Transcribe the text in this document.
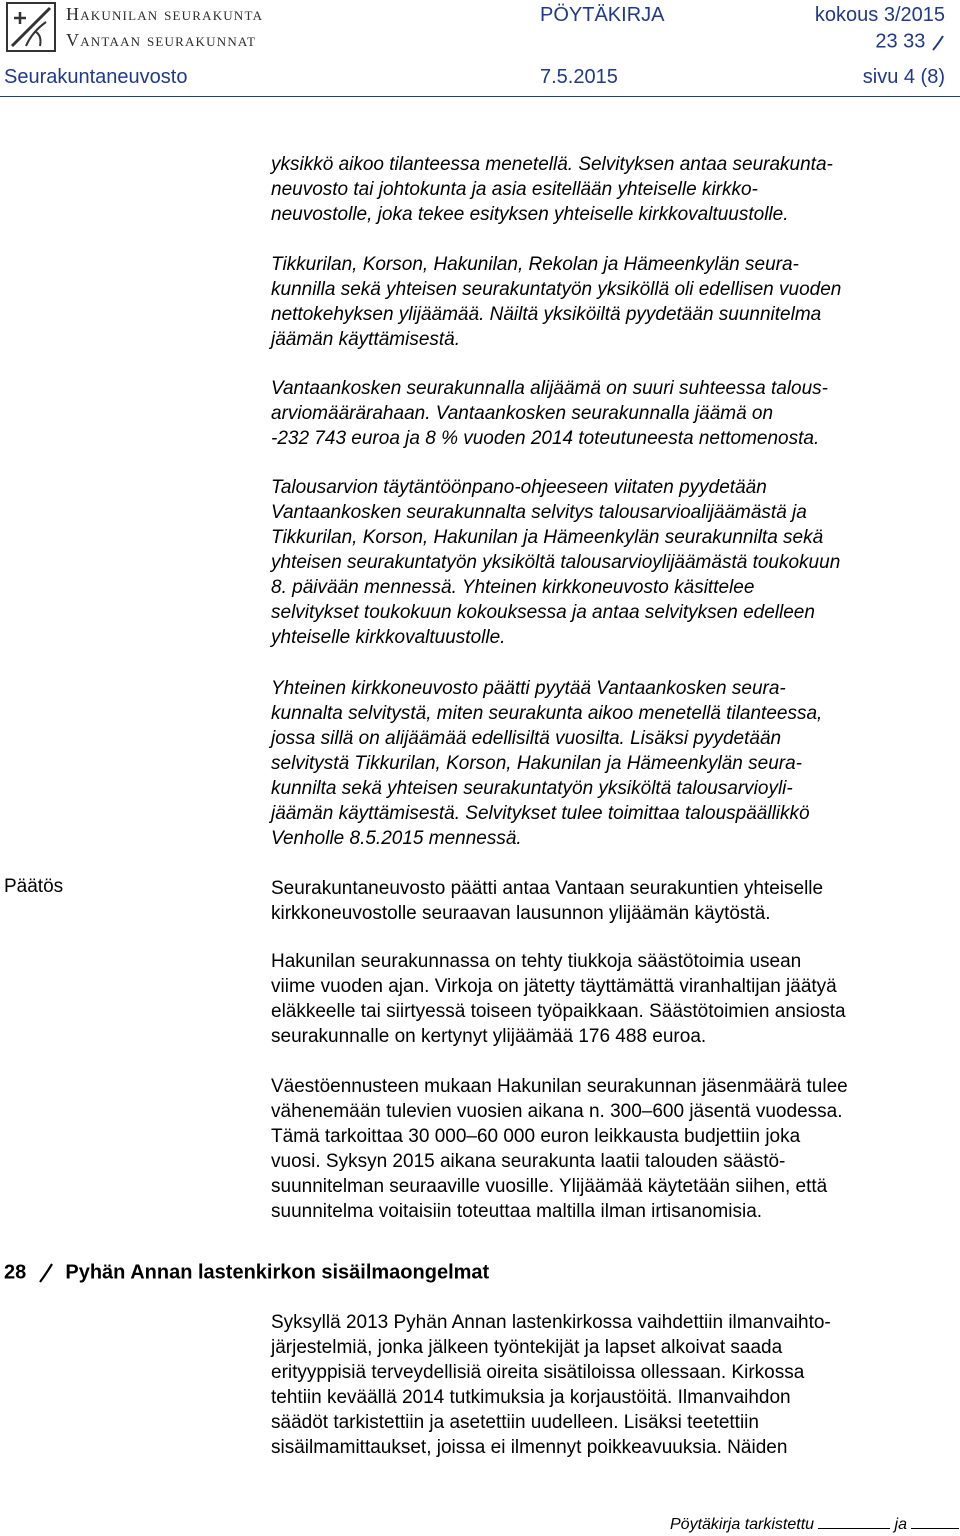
Hakunilan seurakunta
Vantaan seurakunnat
PÖYTÄKIRJA	kokous 3/2015
23 33
Seurakuntaneuvosto	7.5.2015	sivu 4 (8)

yksikkö aikoo tilanteessa menetellä. Selvityksen antaa seurakunta-

neuvosto tai johtokunta ja asia esitellään yhteiselle kirkko-

neuvostolle, joka tekee esityksen yhteiselle kirkkovaltuustolle.

Tikkurilan, Korson, Hakunilan, Rekolan ja Hämeenkylän seura-

kunnilla sekä yhteisen seurakuntatyön yksiköllä oli edellisen vuoden

nettokehyksen ylijäämää. Näiltä yksiköiltä pyydetään suunnitelma

jäämän käyttämisestä.

Vantaankosken seurakunnalla alijäämä on suuri suhteessa talous-

arviomäärärahaan. Vantaankosken seurakunnalla jäämä on

-232 743 euroa ja 8 % vuoden 2014 toteutuneesta nettomenosta.

Talousarvion täytäntöönpano-ohjeeseen viitaten pyydetään

Vantaankosken seurakunnalta selvitys talousarvioalijäämästä ja

Tikkurilan, Korson, Hakunilan ja Hämeenkylän seurakunnilta sekä

yhteisen seurakuntatyön yksiköltä talousarvioylijäämästä toukokuun

8. päivään mennessä. Yhteinen kirkkoneuvosto käsittelee

selvitykset toukokuun kokouksessa ja antaa selvityksen edelleen

yhteiselle kirkkovaltuustolle.

Yhteinen kirkkoneuvosto päätti pyytää Vantaankosken seura-

kunnalta selvitystä, miten seurakunta aikoo menetellä tilanteessa,

jossa sillä on alijäämää edellisiltä vuosilta. Lisäksi pyydetään

selvitystä Tikkurilan, Korson, Hakunilan ja Hämeenkylän seura-

kunnilta sekä yhteisen seurakuntatyön yksiköltä talousarvioyli-

jäämän käyttämisestä. Selvitykset tulee toimittaa talouspäällikkö

Venholle 8.5.2015 mennessä.

Päätös	Seurakuntaneuvosto päätti antaa Vantaan seurakuntien yhteiselle

kirkkoneuvostolle seuraavan lausunnon ylijäämän käytöstä.

Hakunilan seurakunnassa on tehty tiukkoja säästötoimia usean

viime vuoden ajan. Virkoja on jätetty täyttämättä viranhaltijan jäätyä

eläkkeelle tai siirtyessä toiseen työpaikkaan. Säästötoimien ansiosta

seurakunnalle on kertynyt ylijäämää 176 488 euroa.

Väestöennusteen mukaan Hakunilan seurakunnan jäsenmäärä tulee

vähenemään tulevien vuosien aikana n. 300–600 jäsentä vuodessa.

Tämä tarkoittaa 30 000–60 000 euron leikkausta budjettiin joka

vuosi. Syksyn 2015 aikana seurakunta laatii talouden säästö-

suunnitelman seuraaville vuosille. Ylijäämää käytetään siihen, että

suunnitelma voitaisiin toteuttaa maltilla ilman irtisanomisia.

28 Pyhän Annan lastenkirkon sisäilmaongelmat

Syksyllä 2013 Pyhän Annan lastenkirkossa vaihdettiin ilmanvaihto-

järjestelmiä, jonka jälkeen työntekijät ja lapset alkoivat saada

erityyppisiä terveydellisiä oireita sisätiloissa ollessaan. Kirkossa

tehtiin keväällä 2014 tutkimuksia ja korjaustöitä. Ilmanvaihdon

säädöt tarkistettiin ja asetettiin uudelleen. Lisäksi teetettiin

sisäilmamittaukset, joissa ei ilmennyt poikkeavuuksia. Näiden

Pöytäkirja tarkistettu	ja
